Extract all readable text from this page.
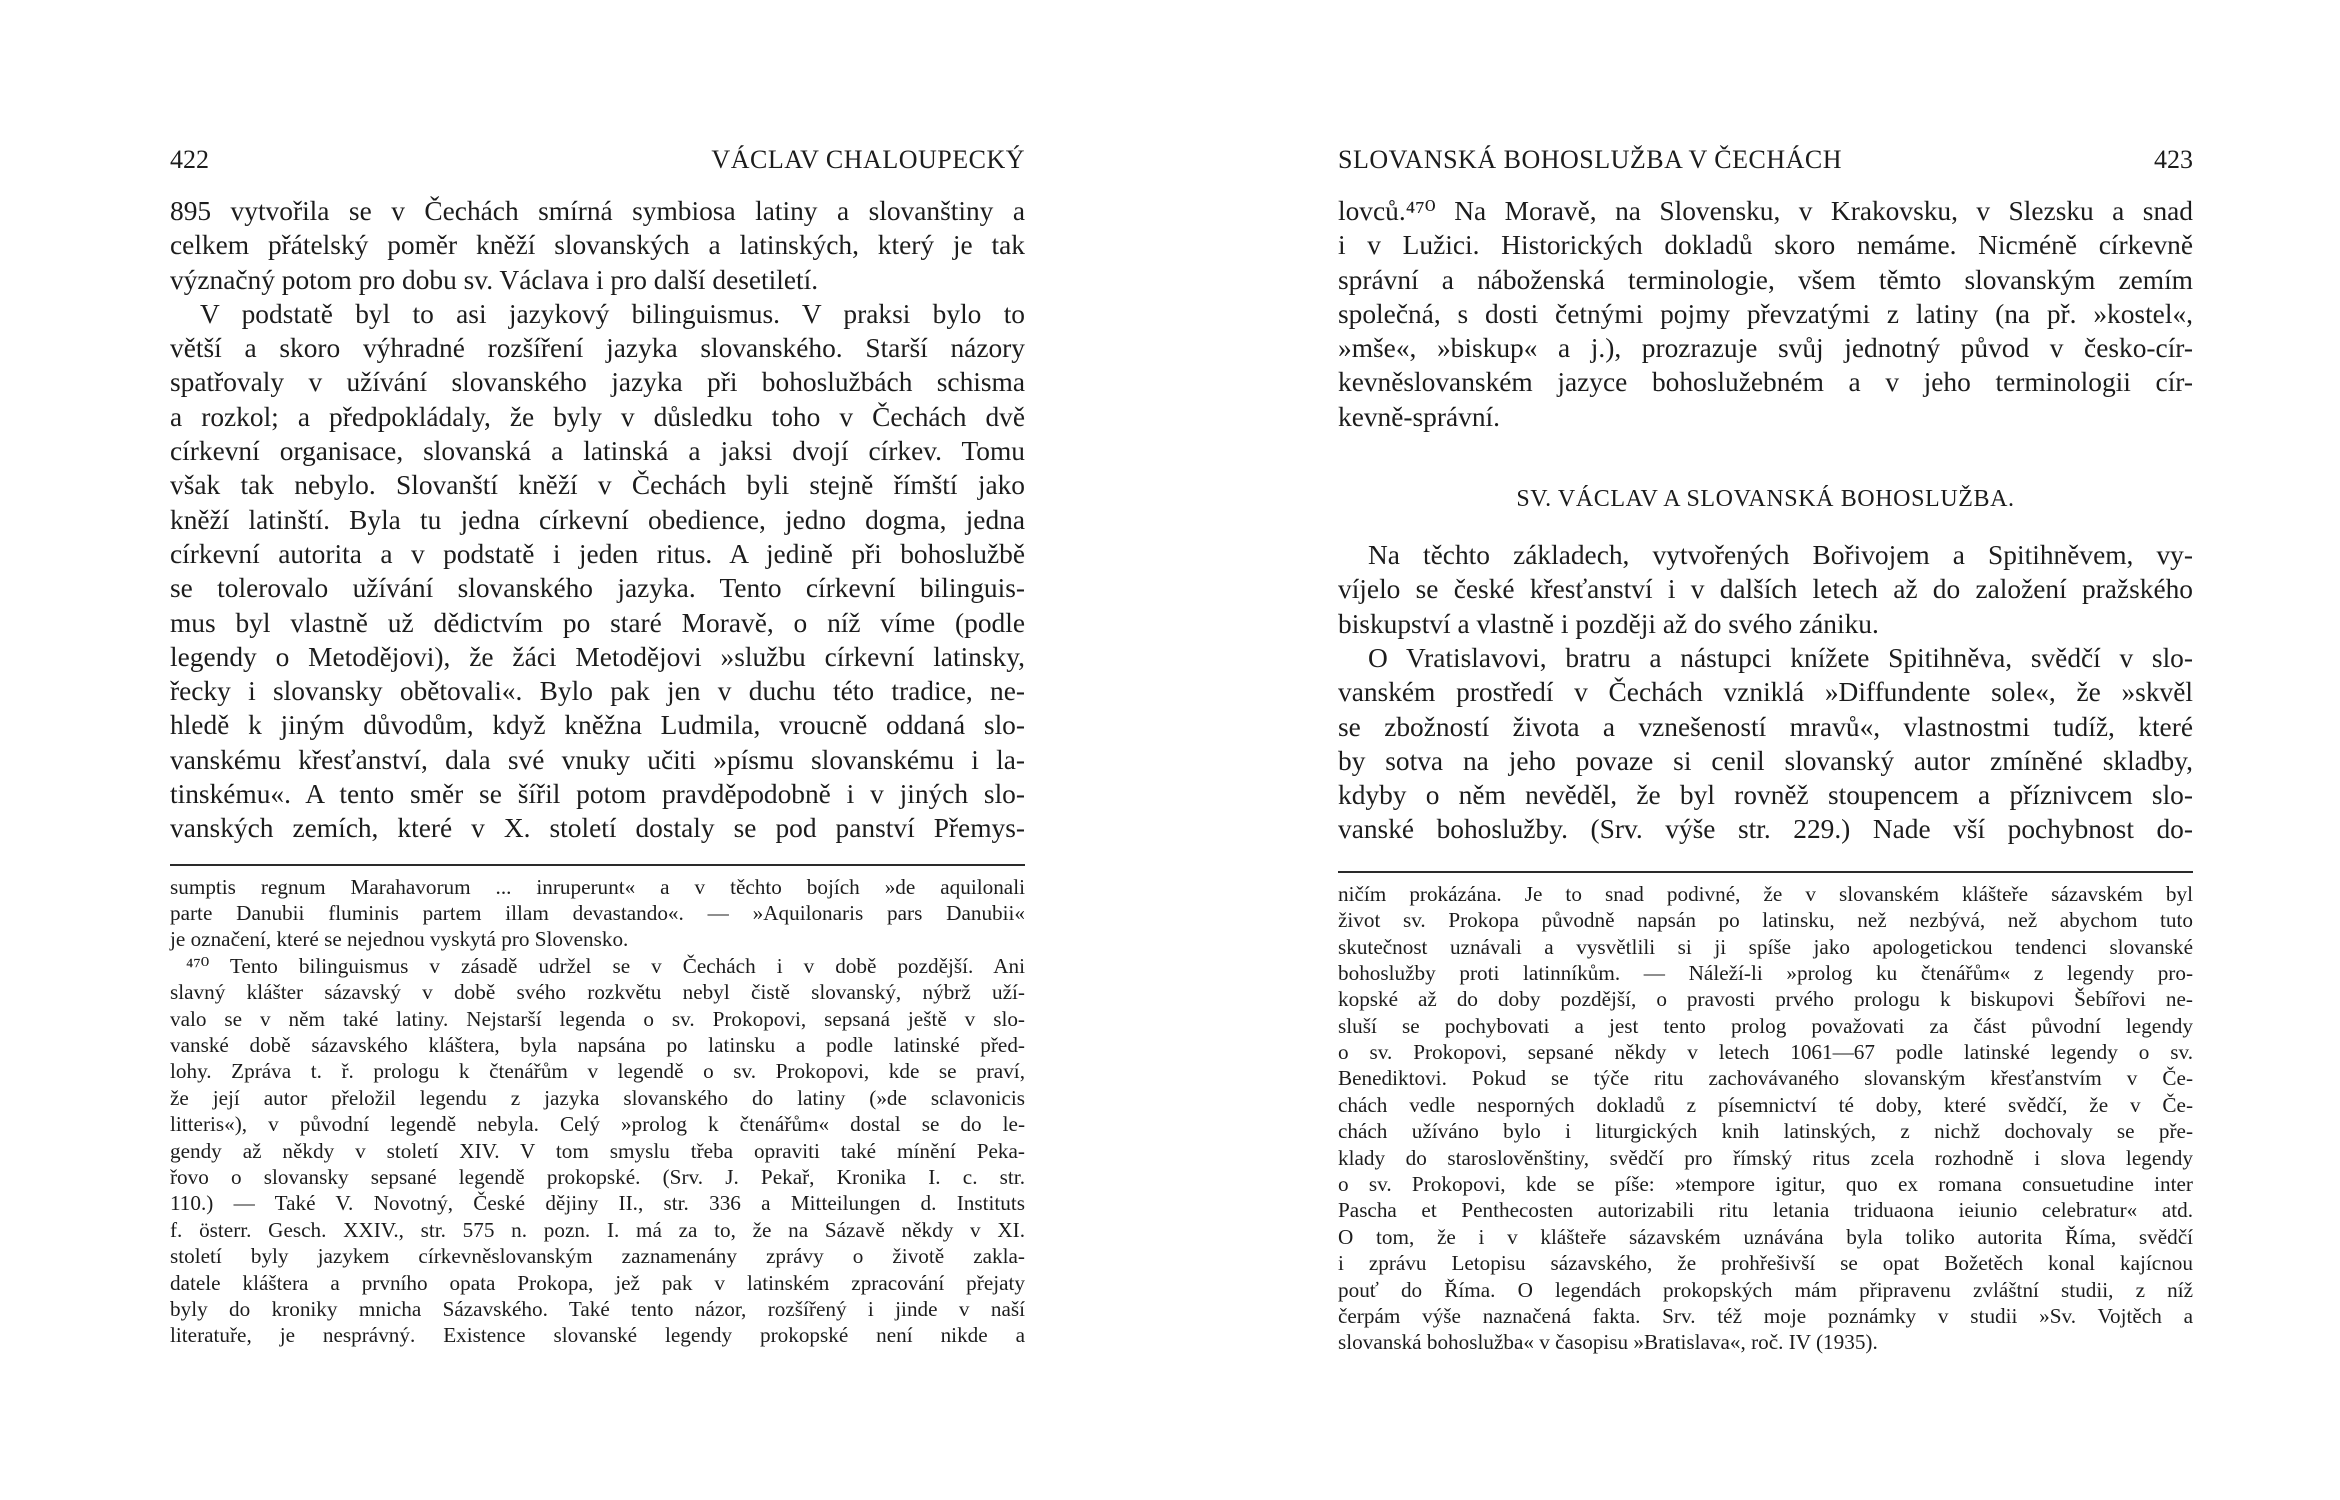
422	VÁCLAV CHALOUPECKÝ
895 vytvořila se v Čechách smírná symbiosa latiny a slovanštiny a
celkem přátelský poměr kněží slovanských a latinských, který je tak
význačný potom pro dobu sv. Václava i pro další desetiletí.
V podstatě byl to asi jazykový bilinguismus. V praksi bylo to
větší a skoro výhradné rozšíření jazyka slovanského. Starší názory
spatřovaly v užívání slovanského jazyka při bohoslužbách schisma
a rozkol; a předpokládaly, že byly v důsledku toho v Čechách dvě
církevní organisace, slovanská a latinská a jaksi dvojí církev. Tomu
však tak nebylo. Slovanští kněží v Čechách byli stejně římští jako
kněží latinští. Byla tu jedna církevní obedience, jedno dogma, jedna
církevní autorita a v podstatě i jeden ritus. A jedině při bohoslužbě
se tolerovalo užívání slovanského jazyka. Tento církevní bilinguis-
mus byl vlastně už dědictvím po staré Moravě, o níž víme (podle
legendy o Metodějovi), že žáci Metodějovi »službu církevní latinsky,
řecky i slovansky obětovali«. Bylo pak jen v duchu této tradice, ne-
hledě k jiným důvodům, když kněžna Ludmila, vroucně oddaná slo-
vanskému křesťanství, dala své vnuky učiti »písmu slovanskému i la-
tinskému«. A tento směr se šířil potom pravděpodobně i v jiných slo-
vanských zemích, které v X. století dostaly se pod panství Přemys-
sumptis regnum Marahavorum ... inruperunt« a v těchto bojích »de aquilonali
parte Danubii fluminis partem illam devastando«. — »Aquilonaris pars Danubii«
je označení, které se nejednou vyskytá pro Slovensko.
⁴⁷⁰ Tento bilinguismus v zásadě udržel se v Čechách i v době pozdější. Ani
slavný klášter sázavský v době svého rozkvětu nebyl čistě slovanský, nýbrž uží-
valo se v něm také latiny. Nejstarší legenda o sv. Prokopovi, sepsaná ještě v slo-
vanské době sázavského kláštera, byla napsána po latinsku a podle latinské před-
lohy. Zpráva t. ř. prologu k čtenářům v legendě o sv. Prokopovi, kde se praví,
že její autor přeložil legendu z jazyka slovanského do latiny (»de sclavonicis
litteris«), v původní legendě nebyla. Celý »prolog k čtenářům« dostal se do le-
gendy až někdy v století XIV. V tom smyslu třeba opraviti také mínění Peka-
řovo o slovansky sepsané legendě prokopské. (Srv. J. Pekař, Kronika I. c. str.
110.) — Také V. Novotný, České dějiny II., str. 336 a Mitteilungen d. Instituts
f. österr. Gesch. XXIV., str. 575 n. pozn. I. má za to, že na Sázavě někdy v XI.
století byly jazykem církevněslovanským zaznamenány zprávy o životě zakla-
datele kláštera a prvního opata Prokopa, jež pak v latinském zpracování přejaty
byly do kroniky mnicha Sázavského. Také tento názor, rozšířený i jinde v naší
literatuře, je nesprávný. Existence slovanské legendy prokopské není nikde a
SLOVANSKÁ BOHOSLUŽBA V ČECHÁCH	423
lovců.⁴⁷⁰ Na Moravě, na Slovensku, v Krakovsku, v Slezsku a snad
i v Lužici. Historických dokladů skoro nemáme. Nicméně církevně
správní a náboženská terminologie, všem těmto slovanským zemím
společná, s dosti četnými pojmy převzatými z latiny (na př. »kostel«,
»mše«, »biskup« a j.), prozrazuje svůj jednotný původ v česko-cír-
kevněslovanském jazyce bohoslužebném a v jeho terminologii cír-
kevně-správní.
SV. VÁCLAV A SLOVANSKÁ BOHOSLUŽBA.
Na těchto základech, vytvořených Bořivojem a Spitihněvem, vy-
víjelo se české křesťanství i v dalších letech až do založení pražského
biskupství a vlastně i později až do svého zániku.
O Vratislavovi, bratru a nástupci knížete Spitihněva, svědčí v slo-
vanském prostředí v Čechách vzniklá »Diffundente sole«, že »skvěl
se zbožností života a vznešeností mravů«, vlastnostmi tudíž, které
by sotva na jeho povaze si cenil slovanský autor zmíněné skladby,
kdyby o něm nevěděl, že byl rovněž stoupencem a příznivcem slo-
vanské bohoslužby. (Srv. výše str. 229.) Nade vší pochybnost do-
ničím prokázána. Je to snad podivné, že v slovanském klášteře sázavském byl
život sv. Prokopa původně napsán po latinsku, než nezbývá, než abychom tuto
skutečnost uznávali a vysvětlili si ji spíše jako apologetickou tendenci slovanské
bohoslužby proti latinníkům. — Náleží-li »prolog ku čtenářům« z legendy pro-
kopské až do doby pozdější, o pravosti prvého prologu k biskupovi Šebířovi ne-
sluší se pochybovati a jest tento prolog považovati za část původní legendy
o sv. Prokopovi, sepsané někdy v letech 1061—67 podle latinské legendy o sv.
Benediktovi. Pokud se týče ritu zachovávaného slovanským křesťanstvím v Če-
chách vedle nesporných dokladů z písemnictví té doby, které svědčí, že v Če-
chách užíváno bylo i liturgických knih latinských, z nichž dochovaly se pře-
klady do staroslověnštiny, svědčí pro římský ritus zcela rozhodně i slova legendy
o sv. Prokopovi, kde se píše: »tempore igitur, quo ex romana consuetudine inter
Pascha et Penthecosten autorizabili ritu letania triduaona ieiunio celebratur« atd.
O tom, že i v klášteře sázavském uznávána byla toliko autorita Říma, svědčí
i zprávu Letopisu sázavského, že prohřešivší se opat Božetěch konal kajícnou
pouť do Říma. O legendách prokopských mám připravenu zvláštní studii, z níž
čerpám výše naznačená fakta. Srv. též moje poznámky v studii »Sv. Vojtěch a
slovanská bohoslužba« v časopisu »Bratislava«, roč. IV (1935).
